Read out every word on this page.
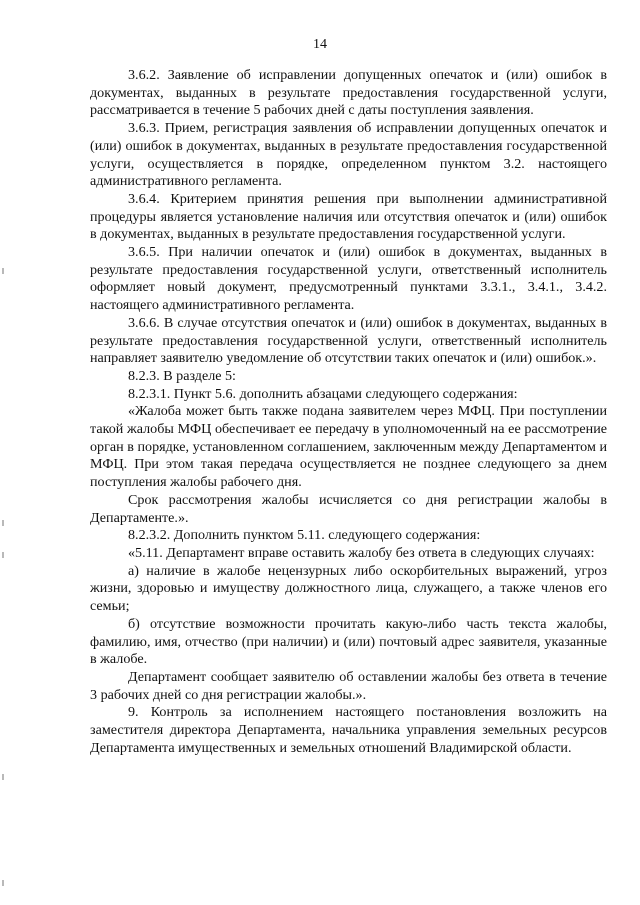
14

3.6.2. Заявление об исправлении допущенных опечаток и (или) ошибок в документах, выданных в результате предоставления государственной услуги, рассматривается в течение 5 рабочих дней с даты поступления заявления.

3.6.3. Прием, регистрация заявления об исправлении допущенных опечаток и (или) ошибок в документах, выданных в результате предоставления государственной услуги, осуществляется в порядке, определенном пунктом 3.2. настоящего административного регламента.

3.6.4. Критерием принятия решения при выполнении административной процедуры является установление наличия или отсутствия опечаток и (или) ошибок в документах, выданных в результате предоставления государственной услуги.

3.6.5. При наличии опечаток и (или) ошибок в документах, выданных в результате предоставления государственной услуги, ответственный исполнитель оформляет новый документ, предусмотренный пунктами 3.3.1., 3.4.1., 3.4.2. настоящего административного регламента.

3.6.6. В случае отсутствия опечаток и (или) ошибок в документах, выданных в результате предоставления государственной услуги, ответственный исполнитель направляет заявителю уведомление об отсутствии таких опечаток и (или) ошибок.».

8.2.3. В разделе 5:

8.2.3.1. Пункт 5.6. дополнить абзацами следующего содержания:

«Жалоба может быть также подана заявителем через МФЦ. При поступлении такой жалобы МФЦ обеспечивает ее передачу в уполномоченный на ее рассмотрение орган в порядке, установленном соглашением, заключенным между Департаментом и МФЦ. При этом такая передача осуществляется не позднее следующего за днем поступления жалобы рабочего дня.

Срок рассмотрения жалобы исчисляется со дня регистрации жалобы в Департаменте.».

8.2.3.2. Дополнить пунктом 5.11. следующего содержания:

«5.11. Департамент вправе оставить жалобу без ответа в следующих случаях:

а) наличие в жалобе нецензурных либо оскорбительных выражений, угроз жизни, здоровью и имуществу должностного лица, служащего, а также членов его семьи;

б) отсутствие возможности прочитать какую-либо часть текста жалобы, фамилию, имя, отчество (при наличии) и (или) почтовый адрес заявителя, указанные в жалобе.

Департамент сообщает заявителю об оставлении жалобы без ответа в течение 3 рабочих дней со дня регистрации жалобы.».

9. Контроль за исполнением настоящего постановления возложить на заместителя директора Департамента, начальника управления земельных ресурсов Департамента имущественных и земельных отношений Владимирской области.
